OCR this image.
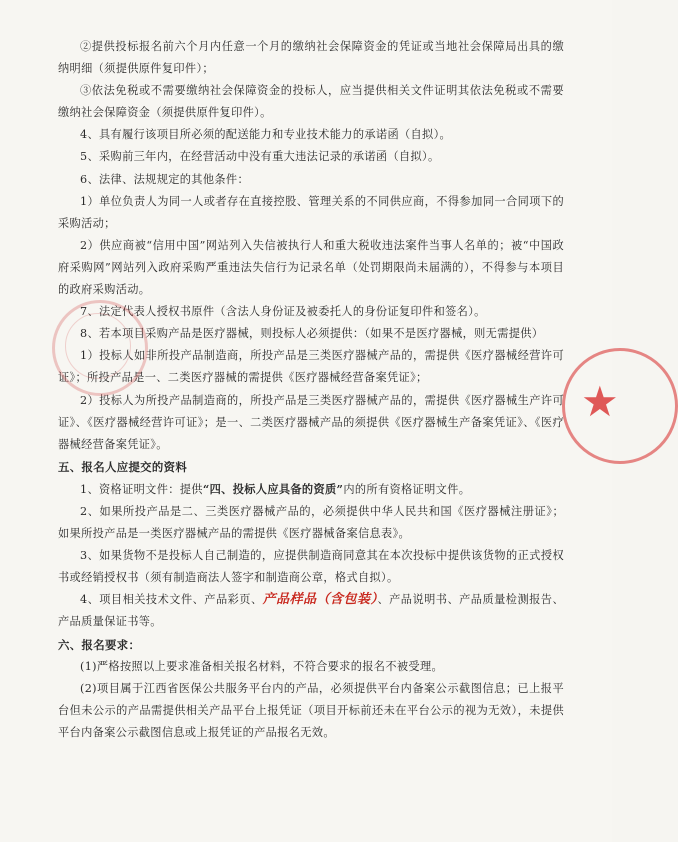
②提供投标报名前六个月内任意一个月的缴纳社会保障资金的凭证或当地社会保障局出具的缴纳明细（须提供原件复印件）；

③依法免税或不需要缴纳社会保障资金的投标人，应当提供相关文件证明其依法免税或不需要缴纳社会保障资金（须提供原件复印件）。

4、具有履行该项目所必须的配送能力和专业技术能力的承诺函（自拟）。

5、采购前三年内，在经营活动中没有重大违法记录的承诺函（自拟）。

6、法律、法规规定的其他条件：

1）单位负责人为同一人或者存在直接控股、管理关系的不同供应商，不得参加同一合同项下的采购活动；

2）供应商被“信用中国”网站列入失信被执行人和重大税收违法案件当事人名单的；被“中国政府采购网”网站列入政府采购严重违法失信行为记录名单（处罚期限尚未届满的），不得参与本项目的政府采购活动。

7、法定代表人授权书原件（含法人身份证及被委托人的身份证复印件和签名）。

8、若本项目采购产品是医疗器械，则投标人必须提供：（如果不是医疗器械，则无需提供）

1）投标人如非所投产品制造商，所投产品是三类医疗器械产品的，需提供《医疗器械经营许可证》；所投产品是一、二类医疗器械的需提供《医疗器械经营备案凭证》；

2）投标人为所投产品制造商的，所投产品是三类医疗器械产品的，需提供《医疗器械生产许可证》、《医疗器械经营许可证》；是一、二类医疗器械产品的须提供《医疗器械生产备案凭证》、《医疗器械经营备案凭证》。

五、报名人应提交的资料

1、资格证明文件：提供“四、投标人应具备的资质”内的所有资格证明文件。

2、如果所投产品是二、三类医疗器械产品的，必须提供中华人民共和国《医疗器械注册证》；如果所投产品是一类医疗器械产品的需提供《医疗器械备案信息表》。

3、如果货物不是投标人自己制造的，应提供制造商同意其在本次投标中提供该货物的正式授权书或经销授权书（须有制造商法人签字和制造商公章，格式自拟）。

4、项目相关技术文件、产品彩页、产品样品（含包装）、产品说明书、产品质量检测报告、产品质量保证书等。

六、报名要求：

(1)严格按照以上要求准备相关报名材料，不符合要求的报名不被受理。

(2)项目属于江西省医保公共服务平台内的产品，必须提供平台内备案公示截图信息；已上报平台但未公示的产品需提供相关产品平台上报凭证（项目开标前还未在平台公示的视为无效），未提供平台内备案公示截图信息或上报凭证的产品报名无效。

★
